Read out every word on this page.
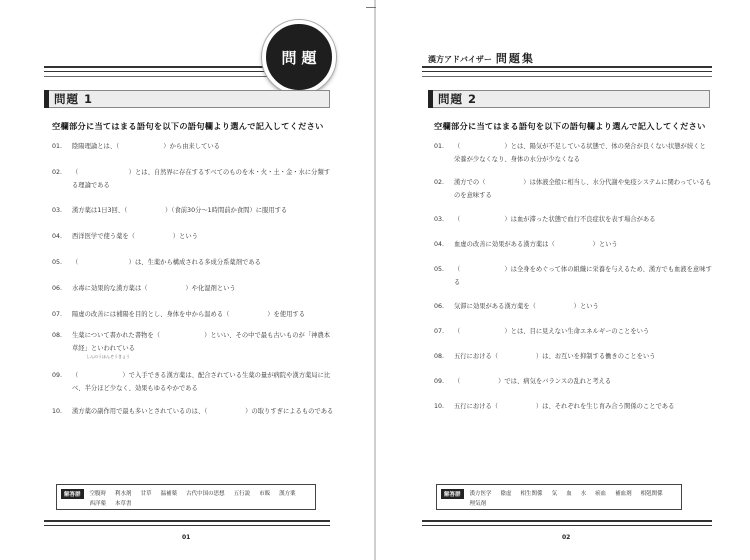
問題
問題 1
空欄部分に当てはまる語句を以下の語句欄より選んで記入してください
01.	陰陽理論とは、（　　　　　　　）から由来している
02.	（　　　　　　　　）とは、自然界に存在するすべてのものを木・火・土・金・水に分類する理論である
03.	漢方薬は1日3回、（　　　　　　）（食前30分〜1時間前か食間）に服用する
04.	西洋医学で使う薬を（　　　　　　）という
05.	（　　　　　　　　）は、生薬から構成される多成分系薬剤である
06.	水毒に効果的な漢方薬は（　　　　　　）や化湿剤という
07.	陽虚の改善には補陽を目的とし、身体を中から温める（　　　　　　）を使用する
08.	生薬について書かれた書物を（　　　　　　　）といい、その中で最も古いものが「神農本草経」といわれている
しんのうほんぞうきょう
09.	（　　　　　　　）で入手できる漢方薬は、配合されている生薬の量が病院や漢方薬局に比べ、半分ほど少なく、効果もゆるやかである
10.	漢方薬の副作用で最も多いとされているのは、（　　　　　　）の取りすぎによるものである
解答群	空腹時 利水剤 甘草 温補薬 古代中国の思想 五行説 市販 漢方薬
西洋薬 本草書
01
漢方アドバイザー 問題集
問題 2
空欄部分に当てはまる語句を以下の語句欄より選んで記入してください
01.	（　　　　　　　）とは、陽気が不足している状態で、体の発合が良くない状態が続くと栄養が少なくなり、身体の水分が少なくなる
02.	漢方での（　　　　　　）は体液全般に相当し、水分代謝や免疫システムに関わっているものを意味する
03.	（　　　　　　　）は血が滞った状態で血行不良症状を表す場合がある
04.	血虚の改善に効果がある漢方薬は（　　　　　　）という
05.	（　　　　　　　）は全身をめぐって体の組織に栄養を与えるため、漢方でも血液を意味する
06.	気滞に効果がある漢方薬を（　　　　　　）という
07.	（　　　　　　　）とは、目に見えない生命エネルギーのことをいう
08.	五行における（　　　　　　）は、お互いを抑制する働きのことをいう
09.	（　　　　　　）では、病気をバランスの乱れと考える
10.	五行における（　　　　　　）は、それぞれを生じ育み合う関係のことである
解答群	漢方医学 陰虚 相生関係 気 血 水 瘀血 補血剤 相剋関係
理気剤
02
